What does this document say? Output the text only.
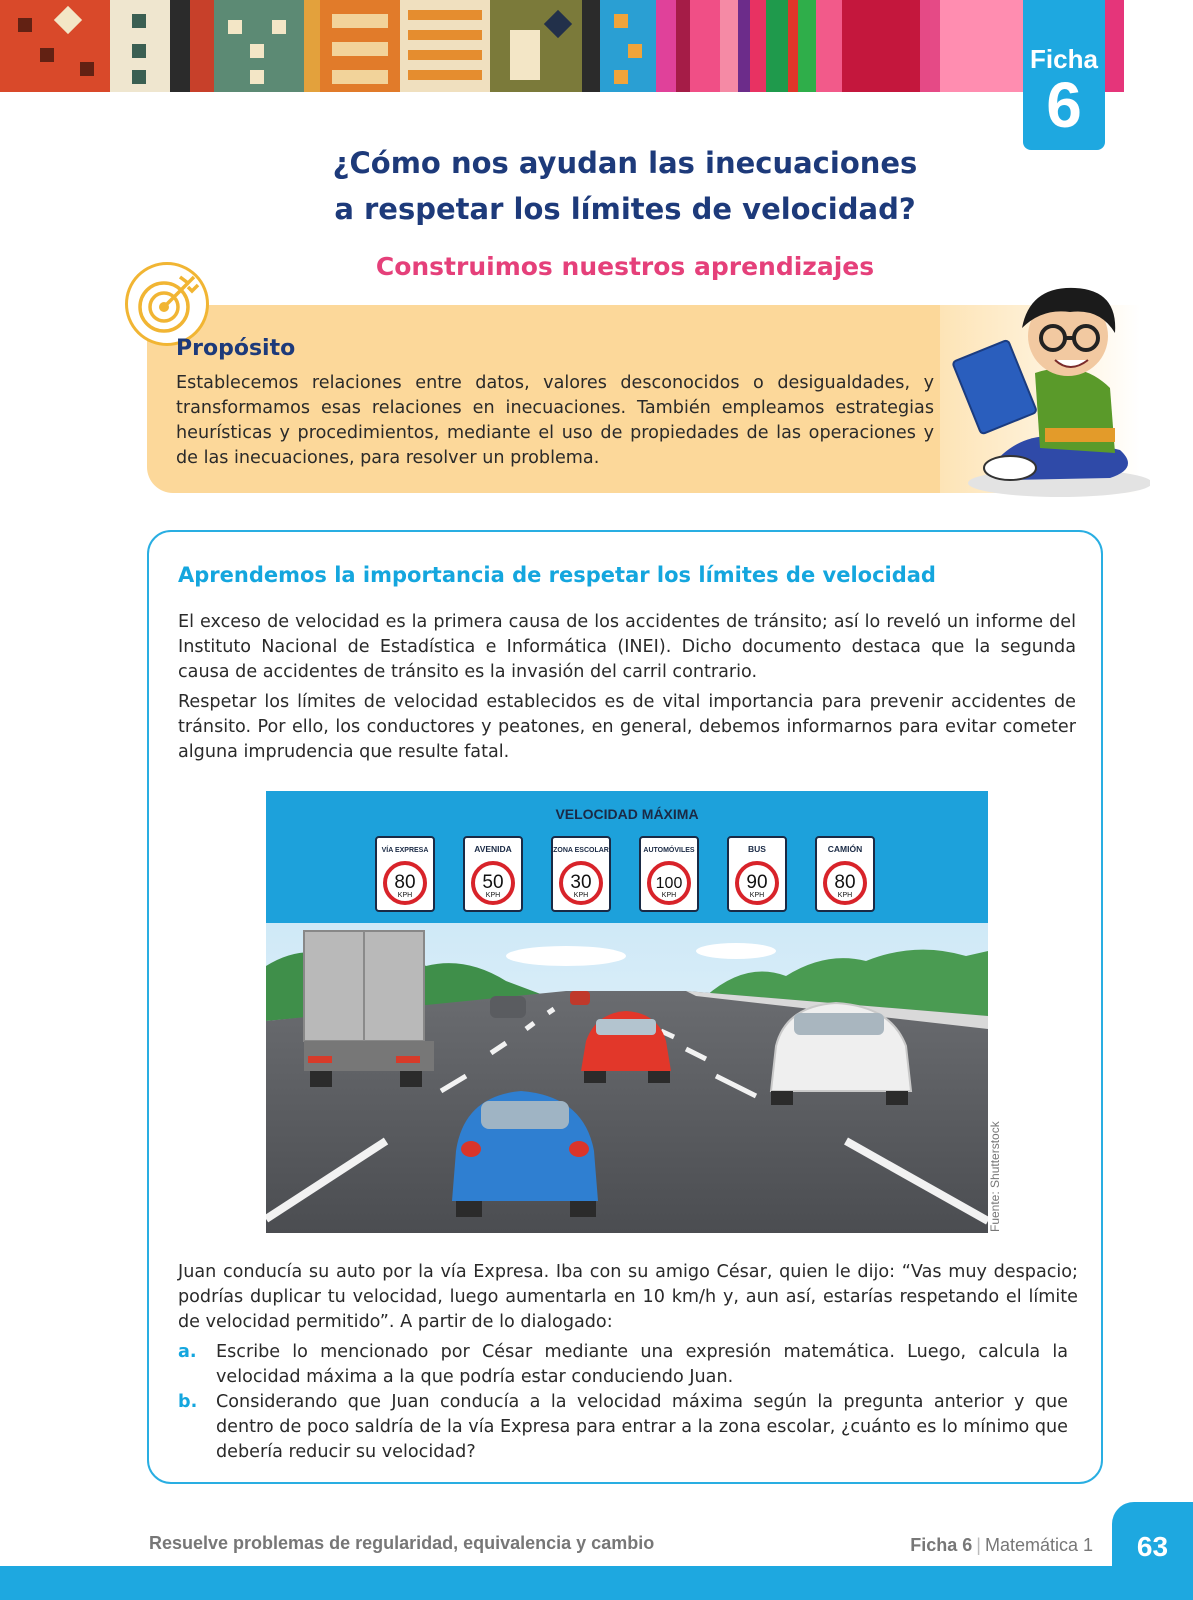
Ficha
6
¿Cómo nos ayudan las inecuaciones
a respetar los límites de velocidad?
Construimos nuestros aprendizajes
Propósito

Establecemos relaciones entre datos, valores desconocidos o desigualdades, y transformamos esas relaciones en inecuaciones. También empleamos estrategias heurísticas y procedimientos, mediante el uso de propiedades de las operaciones y de las inecuaciones, para resolver un problema.

Aprendemos la importancia de respetar los límites de velocidad

El exceso de velocidad es la primera causa de los accidentes de tránsito; así lo reveló un informe del Instituto Nacional de Estadística e Informática (INEI). Dicho documento destaca que la segunda causa de accidentes de tránsito es la invasión del carril contrario.

Respetar los límites de velocidad establecidos es de vital importancia para prevenir accidentes de tránsito. Por ello, los conductores y peatones, en general, debemos informarnos para evitar cometer alguna imprudencia que resulte fatal.

VELOCIDAD MÁXIMA
VÍA EXPRESA
80
KPH
AVENIDA
50
KPH
ZONA ESCOLAR
30
KPH
AUTOMÓVILES
100
KPH
BUS
90
KPH
CAMIÓN
80
KPH
Fuente: Shutterstock

Juan conducía su auto por la vía Expresa. Iba con su amigo César, quien le dijo: “Vas muy despacio; podrías duplicar tu velocidad, luego aumentarla en 10 km/h y, aun así, estarías respetando el límite de velocidad permitido”. A partir de lo dialogado:

a. Escribe lo mencionado por César mediante una expresión matemática. Luego, calcula la velocidad máxima a la que podría estar conduciendo Juan.
b. Considerando que Juan conducía a la velocidad máxima según la pregunta anterior y que dentro de poco saldría de la vía Expresa para entrar a la zona escolar, ¿cuánto es lo mínimo que debería reducir su velocidad?
63
Resuelve problemas de regularidad, equivalencia y cambio	Ficha 6 | Matemática 1
